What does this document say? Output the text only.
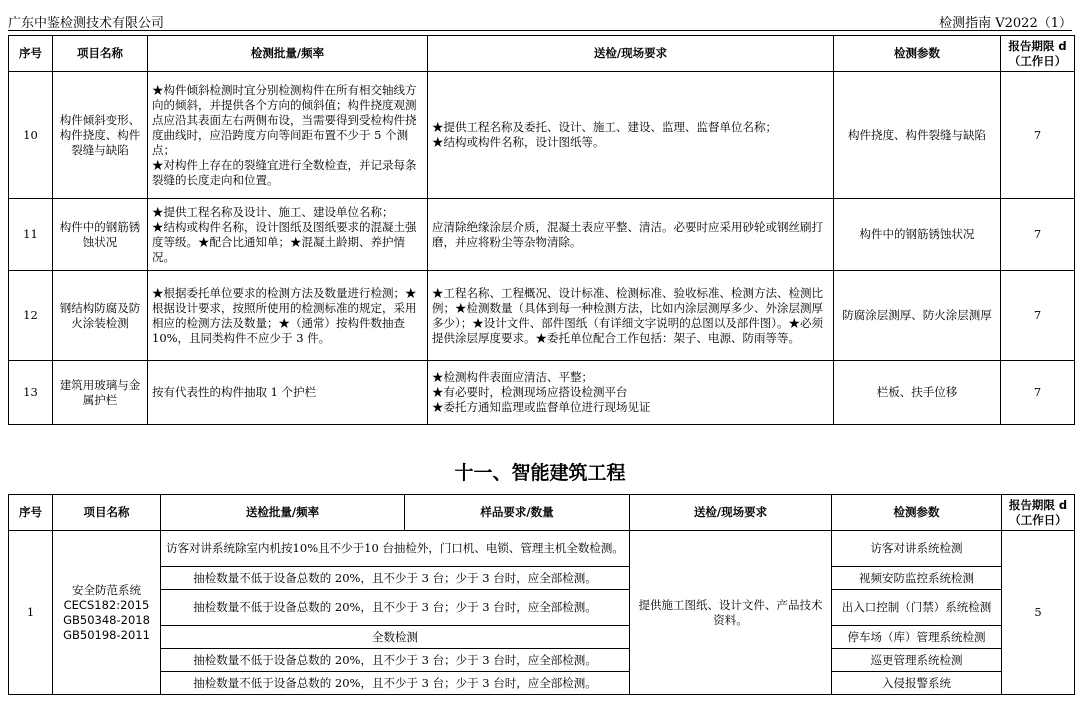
广东中鉴检测技术有限公司	检测指南 V2022（1）
序号	项目名称	检测批量/频率	送检/现场要求	检测参数	报告期限 d
（工作日）
10	构件倾斜变形、构件挠度、构件裂缝与缺陷	★构件倾斜检测时宜分别检测构件在所有相交轴线方向的倾斜，并提供各个方向的倾斜值；构件挠度观测点应沿其表面左右两侧布设，当需要得到受检构件挠度曲线时，应沿跨度方向等间距布置不少于 5 个测点；
★对构件上存在的裂缝宜进行全数检查，并记录每条裂缝的长度走向和位置。	★提供工程名称及委托、设计、施工、建设、监理、监督单位名称；
★结构或构件名称，设计图纸等。	构件挠度、构件裂缝与缺陷	7
11	构件中的钢筋锈蚀状况	★提供工程名称及设计、施工、建设单位名称；
★结构或构件名称，设计图纸及图纸要求的混凝土强度等级。★配合比通知单；★混凝土龄期、养护情况。	应清除绝缘涂层介质，混凝土表应平整、清洁。必要时应采用砂轮或钢丝刷打磨，并应将粉尘等杂物清除。	构件中的钢筋锈蚀状况	7
12	钢结构防腐及防火涂装检测	★根据委托单位要求的检测方法及数量进行检测；★根据设计要求，按照所使用的检测标准的规定，采用相应的检测方法及数量；★（通常）按构件数抽查 10%，且同类构件不应少于 3 件。	★工程名称、工程概况、设计标准、检测标准、验收标准、检测方法、检测比例；★检测数量（具体到每一种检测方法，比如内涂层测厚多少、外涂层测厚多少）；★设计文件、部件图纸（有详细文字说明的总图以及部件图）。★必须提供涂层厚度要求。★委托单位配合工作包括：架子、电源、防雨等等。	防腐涂层测厚、防火涂层测厚	7
13	建筑用玻璃与金属护栏	按有代表性的构件抽取 1 个护栏	★检测构件表面应清洁、平整；
★有必要时，检测现场应搭设检测平台
★委托方通知监理或监督单位进行现场见证	栏板、扶手位移	7
十一、智能建筑工程
序号	项目名称	送检批量/频率	样品要求/数量	送检/现场要求	检测参数	报告期限 d
（工作日）
1	安全防范系统
CECS182:2015
GB50348-2018
GB50198-2011	访客对讲系统除室内机按10%且不少于10 台抽检外，门口机、电锁、管理主机全数检测。		提供施工图纸、设计文件、产品技术资料。	访客对讲系统检测	5
		抽检数量不低于设备总数的 20%，且不少于 3 台；少于 3 台时，应全部检测。			视频安防监控系统检测	
		抽检数量不低于设备总数的 20%，且不少于 3 台；少于 3 台时，应全部检测。			出入口控制（门禁）系统检测	
		全数检测			停车场（库）管理系统检测	
		抽检数量不低于设备总数的 20%，且不少于 3 台；少于 3 台时，应全部检测。			巡更管理系统检测	
		抽检数量不低于设备总数的 20%，且不少于 3 台；少于 3 台时，应全部检测。			入侵报警系统	
